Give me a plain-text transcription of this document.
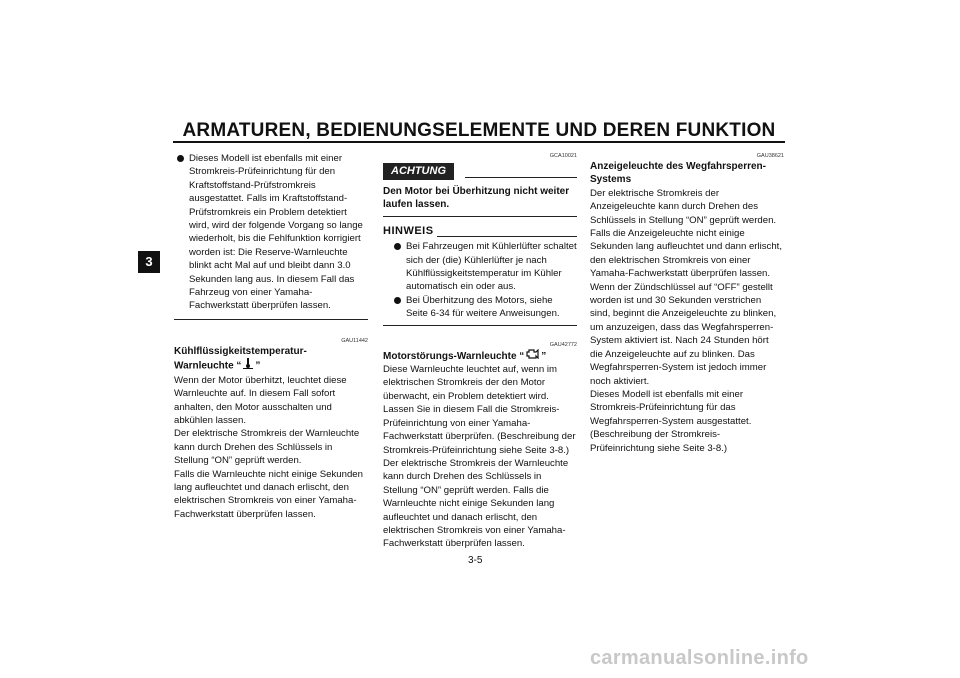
ARMATUREN, BEDIENUNGSELEMENTE UND DEREN FUNKTION
3
Dieses Modell ist ebenfalls mit einer Stromkreis-Prüfeinrichtung für den Kraftstoffstand-Prüfstromkreis ausgestattet. Falls im Kraftstoffstand-Prüfstromkreis ein Problem detektiert wird, wird der folgende Vorgang so lange wiederholt, bis die Fehlfunktion korrigiert worden ist: Die Reserve-Warnleuchte blinkt acht Mal auf und bleibt dann 3.0 Sekunden lang aus. In diesem Fall das Fahrzeug von einer Yamaha-Fachwerkstatt überprüfen lassen.
GAU11442
Kühlflüssigkeitstemperatur-
Warnleuchte “ ”

Wenn der Motor überhitzt, leuchtet diese Warnleuchte auf. In diesem Fall sofort anhalten, den Motor ausschalten und abkühlen lassen.

Der elektrische Stromkreis der Warnleuchte kann durch Drehen des Schlüssels in Stellung “ON” geprüft werden.

Falls die Warnleuchte nicht einige Sekunden lang aufleuchtet und danach erlischt, den elektrischen Stromkreis von einer Yamaha-Fachwerkstatt überprüfen lassen.

GCA10021
ACHTUNG
Den Motor bei Überhitzung nicht weiter laufen lassen.
HINWEIS
Bei Fahrzeugen mit Kühlerlüfter schaltet sich der (die) Kühlerlüfter je nach Kühlflüssigkeitstemperatur im Kühler automatisch ein oder aus.
Bei Überhitzung des Motors, siehe Seite 6-34 für weitere Anweisungen.
GAU42772
Motorstörungs-Warnleuchte “ ”

Diese Warnleuchte leuchtet auf, wenn im elektrischen Stromkreis der den Motor überwacht, ein Problem detektiert wird. Lassen Sie in diesem Fall die Stromkreis-Prüfeinrichtung von einer Yamaha-Fachwerkstatt überprüfen. (Beschreibung der Stromkreis-Prüfeinrichtung siehe Seite 3-8.)

Der elektrische Stromkreis der Warnleuchte kann durch Drehen des Schlüssels in Stellung “ON” geprüft werden. Falls die Warnleuchte nicht einige Sekunden lang aufleuchtet und danach erlischt, den elektrischen Stromkreis von einer Yamaha-Fachwerkstatt überprüfen lassen.

GAU38621
Anzeigeleuchte des Wegfahrsperren-Systems

Der elektrische Stromkreis der Anzeigeleuchte kann durch Drehen des Schlüssels in Stellung “ON” geprüft werden.

Falls die Anzeigeleuchte nicht einige Sekunden lang aufleuchtet und dann erlischt, den elektrischen Stromkreis von einer Yamaha-Fachwerkstatt überprüfen lassen. Wenn der Zündschlüssel auf “OFF” gestellt worden ist und 30 Sekunden verstrichen sind, beginnt die Anzeigeleuchte zu blinken, um anzuzeigen, dass das Wegfahrsperren-System aktiviert ist. Nach 24 Stunden hört die Anzeigeleuchte auf zu blinken. Das Wegfahrsperren-System ist jedoch immer noch aktiviert.

Dieses Modell ist ebenfalls mit einer Stromkreis-Prüfeinrichtung für das Wegfahrsperren-System ausgestattet. (Beschreibung der Stromkreis-Prüfeinrichtung siehe Seite 3-8.)

3-5
carmanualsonline.info
